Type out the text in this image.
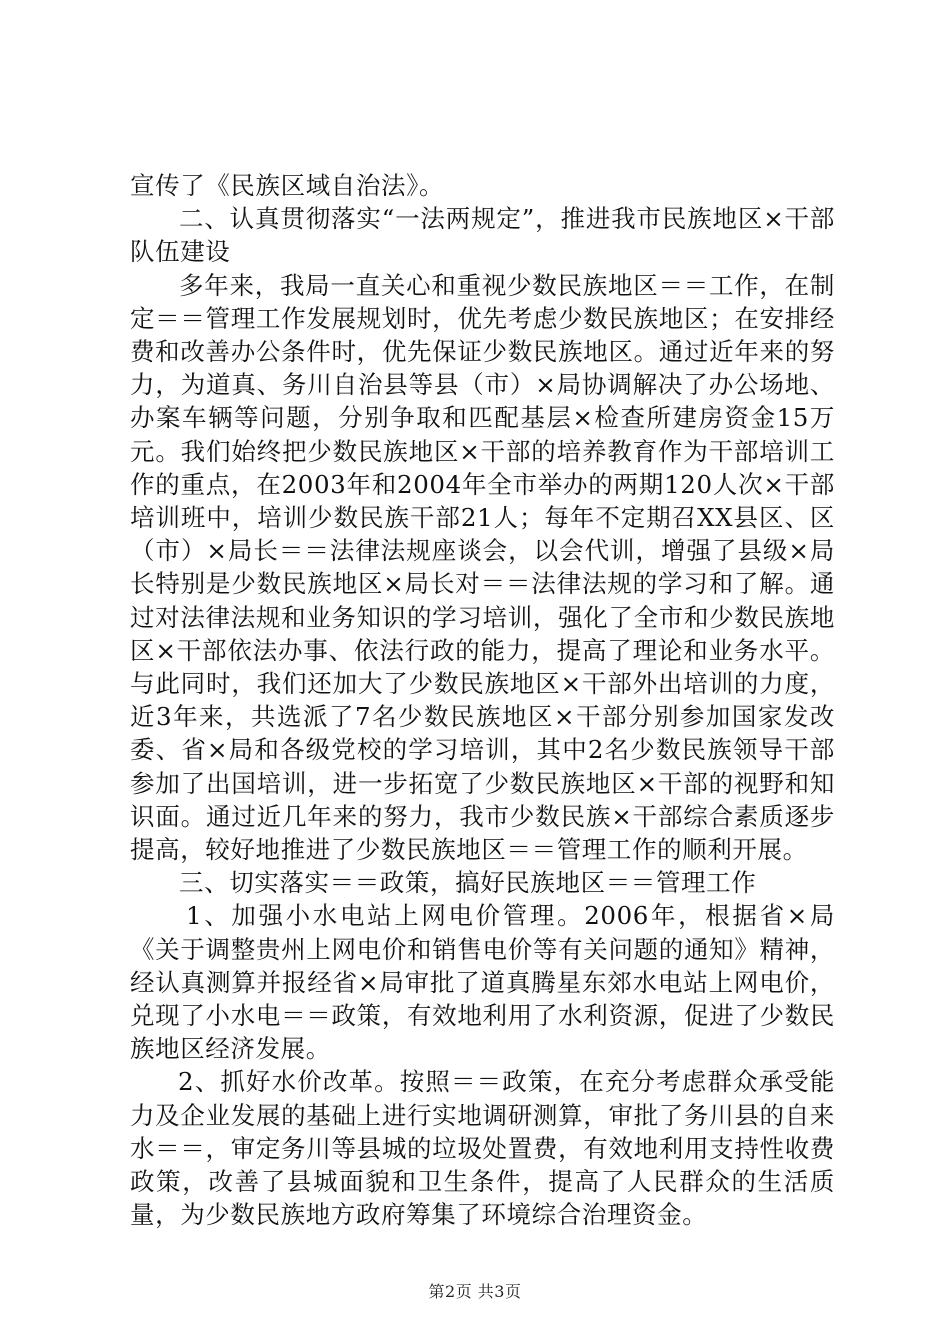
宣传了《民族区域自治法》。

二、认真贯彻落实“一法两规定”，推进我市民族地区×干部队伍建设

多年来，我局一直关心和重视少数民族地区＝＝工作，在制定＝＝管理工作发展规划时，优先考虑少数民族地区；在安排经费和改善办公条件时，优先保证少数民族地区。通过近年来的努力，为道真、务川自治县等县（市）×局协调解决了办公场地、办案车辆等问题，分别争取和匹配基层×检查所建房资金15万元。我们始终把少数民族地区×干部的培养教育作为干部培训工作的重点，在2003年和2004年全市举办的两期120人次×干部培训班中，培训少数民族干部21人；每年不定期召XX县区、区（市）×局长＝＝法律法规座谈会，以会代训，增强了县级×局长特别是少数民族地区×局长对＝＝法律法规的学习和了解。通过对法律法规和业务知识的学习培训，强化了全市和少数民族地区×干部依法办事、依法行政的能力，提高了理论和业务水平。与此同时，我们还加大了少数民族地区×干部外出培训的力度，近3年来，共选派了7名少数民族地区×干部分别参加国家发改委、省×局和各级党校的学习培训，其中2名少数民族领导干部参加了出国培训，进一步拓宽了少数民族地区×干部的视野和知识面。通过近几年来的努力，我市少数民族×干部综合素质逐步提高，较好地推进了少数民族地区＝＝管理工作的顺利开展。

三、切实落实＝＝政策，搞好民族地区＝＝管理工作

1、加强小水电站上网电价管理。2006年，根据省×局《关于调整贵州上网电价和销售电价等有关问题的通知》精神，经认真测算并报经省×局审批了道真腾星东郊水电站上网电价，兑现了小水电＝＝政策，有效地利用了水利资源，促进了少数民族地区经济发展。

2、抓好水价改革。按照＝＝政策，在充分考虑群众承受能力及企业发展的基础上进行实地调研测算，审批了务川县的自来水＝＝，审定务川等县城的垃圾处置费，有效地利用支持性收费政策，改善了县城面貌和卫生条件，提高了人民群众的生活质量，为少数民族地方政府筹集了环境综合治理资金。

第2页 共3页
